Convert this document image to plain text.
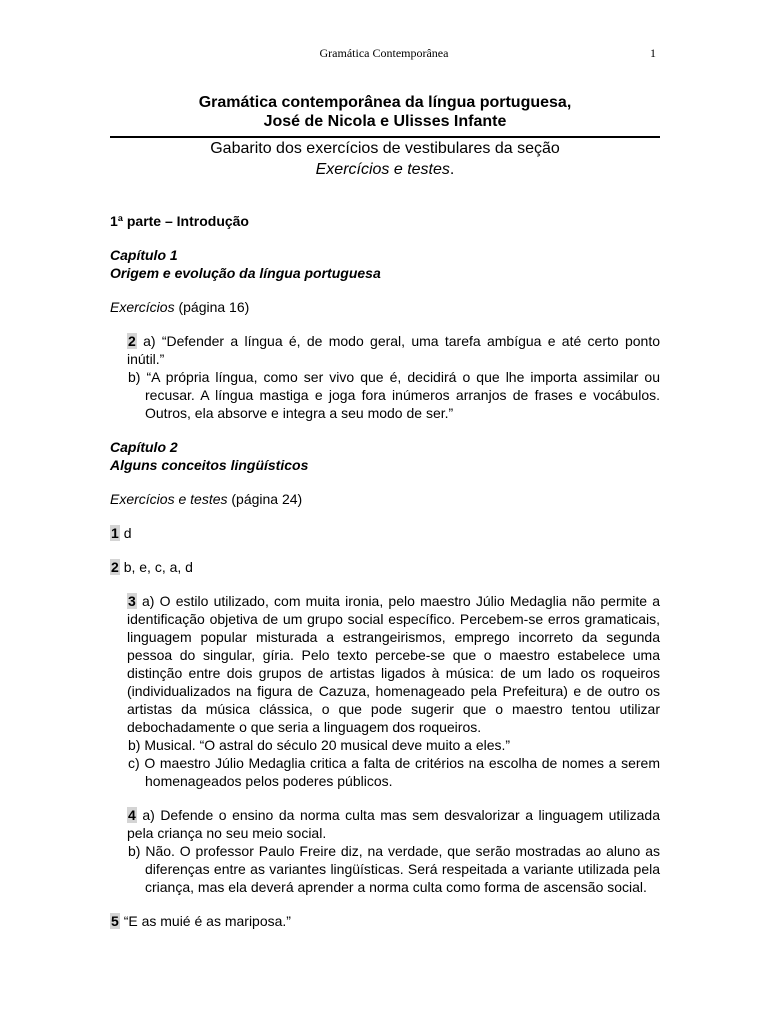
Gramática Contemporânea	1
Gramática contemporânea da língua portuguesa,
José de Nicola e Ulisses Infante
Gabarito dos exercícios de vestibulares da seção
Exercícios e testes.
1ª parte – Introdução
Capítulo 1
Origem e evolução da língua portuguesa
Exercícios (página 16)
2 a) “Defender a língua é, de modo geral, uma tarefa ambígua e até certo ponto inútil.”
b) “A própria língua, como ser vivo que é, decidirá o que lhe importa assimilar ou recusar. A língua mastiga e joga fora inúmeros arranjos de frases e vocábulos. Outros, ela absorve e integra a seu modo de ser.”
Capítulo 2
Alguns conceitos lingüísticos
Exercícios e testes (página 24)
1 d
2 b, e, c, a, d
3 a) O estilo utilizado, com muita ironia, pelo maestro Júlio Medaglia não permite a identificação objetiva de um grupo social específico. Percebem-se erros gramaticais, linguagem popular misturada a estrangeirismos, emprego incorreto da segunda pessoa do singular, gíria. Pelo texto percebe-se que o maestro estabelece uma distinção entre dois grupos de artistas ligados à música: de um lado os roqueiros (individualizados na figura de Cazuza, homenageado pela Prefeitura) e de outro os artistas da música clássica, o que pode sugerir que o maestro tentou utilizar debochadamente o que seria a linguagem dos roqueiros.
b) Musical. “O astral do século 20 musical deve muito a eles.”
c) O maestro Júlio Medaglia critica a falta de critérios na escolha de nomes a serem homenageados pelos poderes públicos.
4 a) Defende o ensino da norma culta mas sem desvalorizar a linguagem utilizada pela criança no seu meio social.
b) Não. O professor Paulo Freire diz, na verdade, que serão mostradas ao aluno as diferenças entre as variantes lingüísticas. Será respeitada a variante utilizada pela criança, mas ela deverá aprender a norma culta como forma de ascensão social.
5 “E as muié é as mariposa.”
